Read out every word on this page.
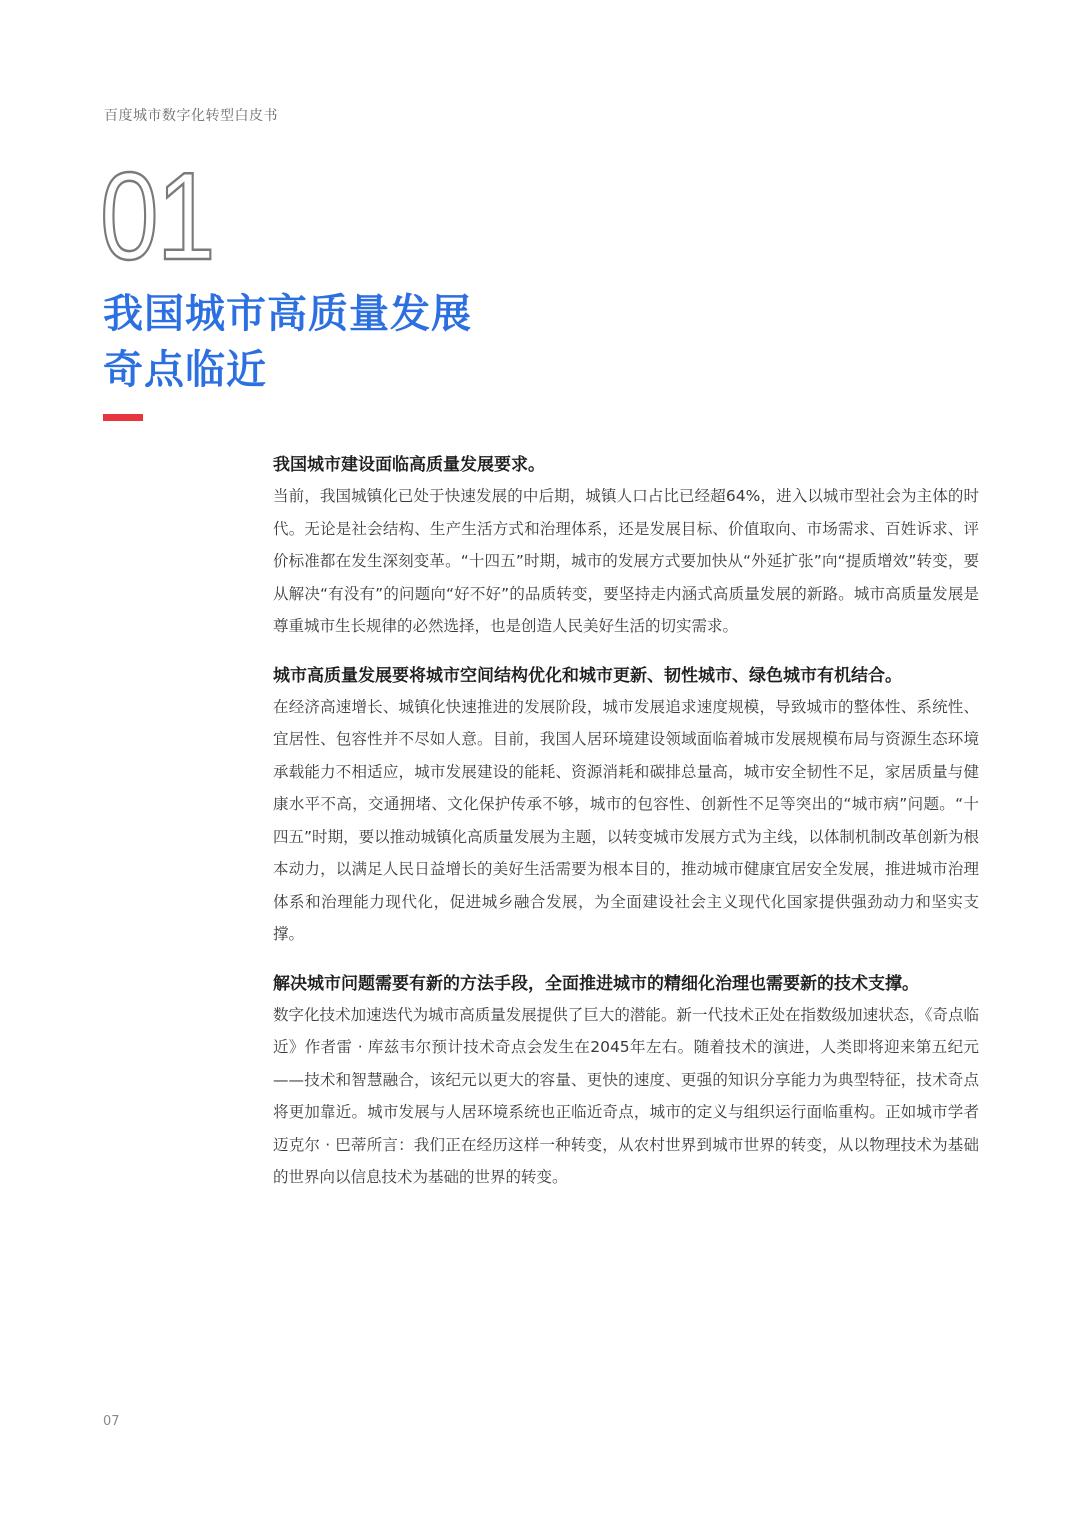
百度城市数字化转型白皮书
01
我国城市高质量发展
奇点临近

我国城市建设面临高质量发展要求。

当前，我国城镇化已处于快速发展的中后期，城镇人口占比已经超64%，进入以城市型社会为主体的时代。无论是社会结构、生产生活方式和治理体系，还是发展目标、价值取向、市场需求、百姓诉求、评价标准都在发生深刻变革。“十四五”时期，城市的发展方式要加快从“外延扩张”向“提质增效”转变，要从解决“有没有”的问题向“好不好”的品质转变，要坚持走内涵式高质量发展的新路。城市高质量发展是尊重城市生长规律的必然选择，也是创造人民美好生活的切实需求。

城市高质量发展要将城市空间结构优化和城市更新、韧性城市、绿色城市有机结合。

在经济高速增长、城镇化快速推进的发展阶段，城市发展追求速度规模，导致城市的整体性、系统性、宜居性、包容性并不尽如人意。目前，我国人居环境建设领域面临着城市发展规模布局与资源生态环境承载能力不相适应，城市发展建设的能耗、资源消耗和碳排总量高，城市安全韧性不足，家居质量与健康水平不高，交通拥堵、文化保护传承不够，城市的包容性、创新性不足等突出的“城市病”问题。“十四五”时期，要以推动城镇化高质量发展为主题，以转变城市发展方式为主线，以体制机制改革创新为根本动力，以满足人民日益增长的美好生活需要为根本目的，推动城市健康宜居安全发展，推进城市治理体系和治理能力现代化，促进城乡融合发展，为全面建设社会主义现代化国家提供强劲动力和坚实支撑。

解决城市问题需要有新的方法手段，全面推进城市的精细化治理也需要新的技术支撑。

数字化技术加速迭代为城市高质量发展提供了巨大的潜能。新一代技术正处在指数级加速状态，《奇点临近》作者雷 · 库兹韦尔预计技术奇点会发生在2045年左右。随着技术的演进，人类即将迎来第五纪元——技术和智慧融合，该纪元以更大的容量、更快的速度、更强的知识分享能力为典型特征，技术奇点将更加靠近。城市发展与人居环境系统也正临近奇点，城市的定义与组织运行面临重构。正如城市学者迈克尔 · 巴蒂所言：我们正在经历这样一种转变，从农村世界到城市世界的转变，从以物理技术为基础的世界向以信息技术为基础的世界的转变。

07
